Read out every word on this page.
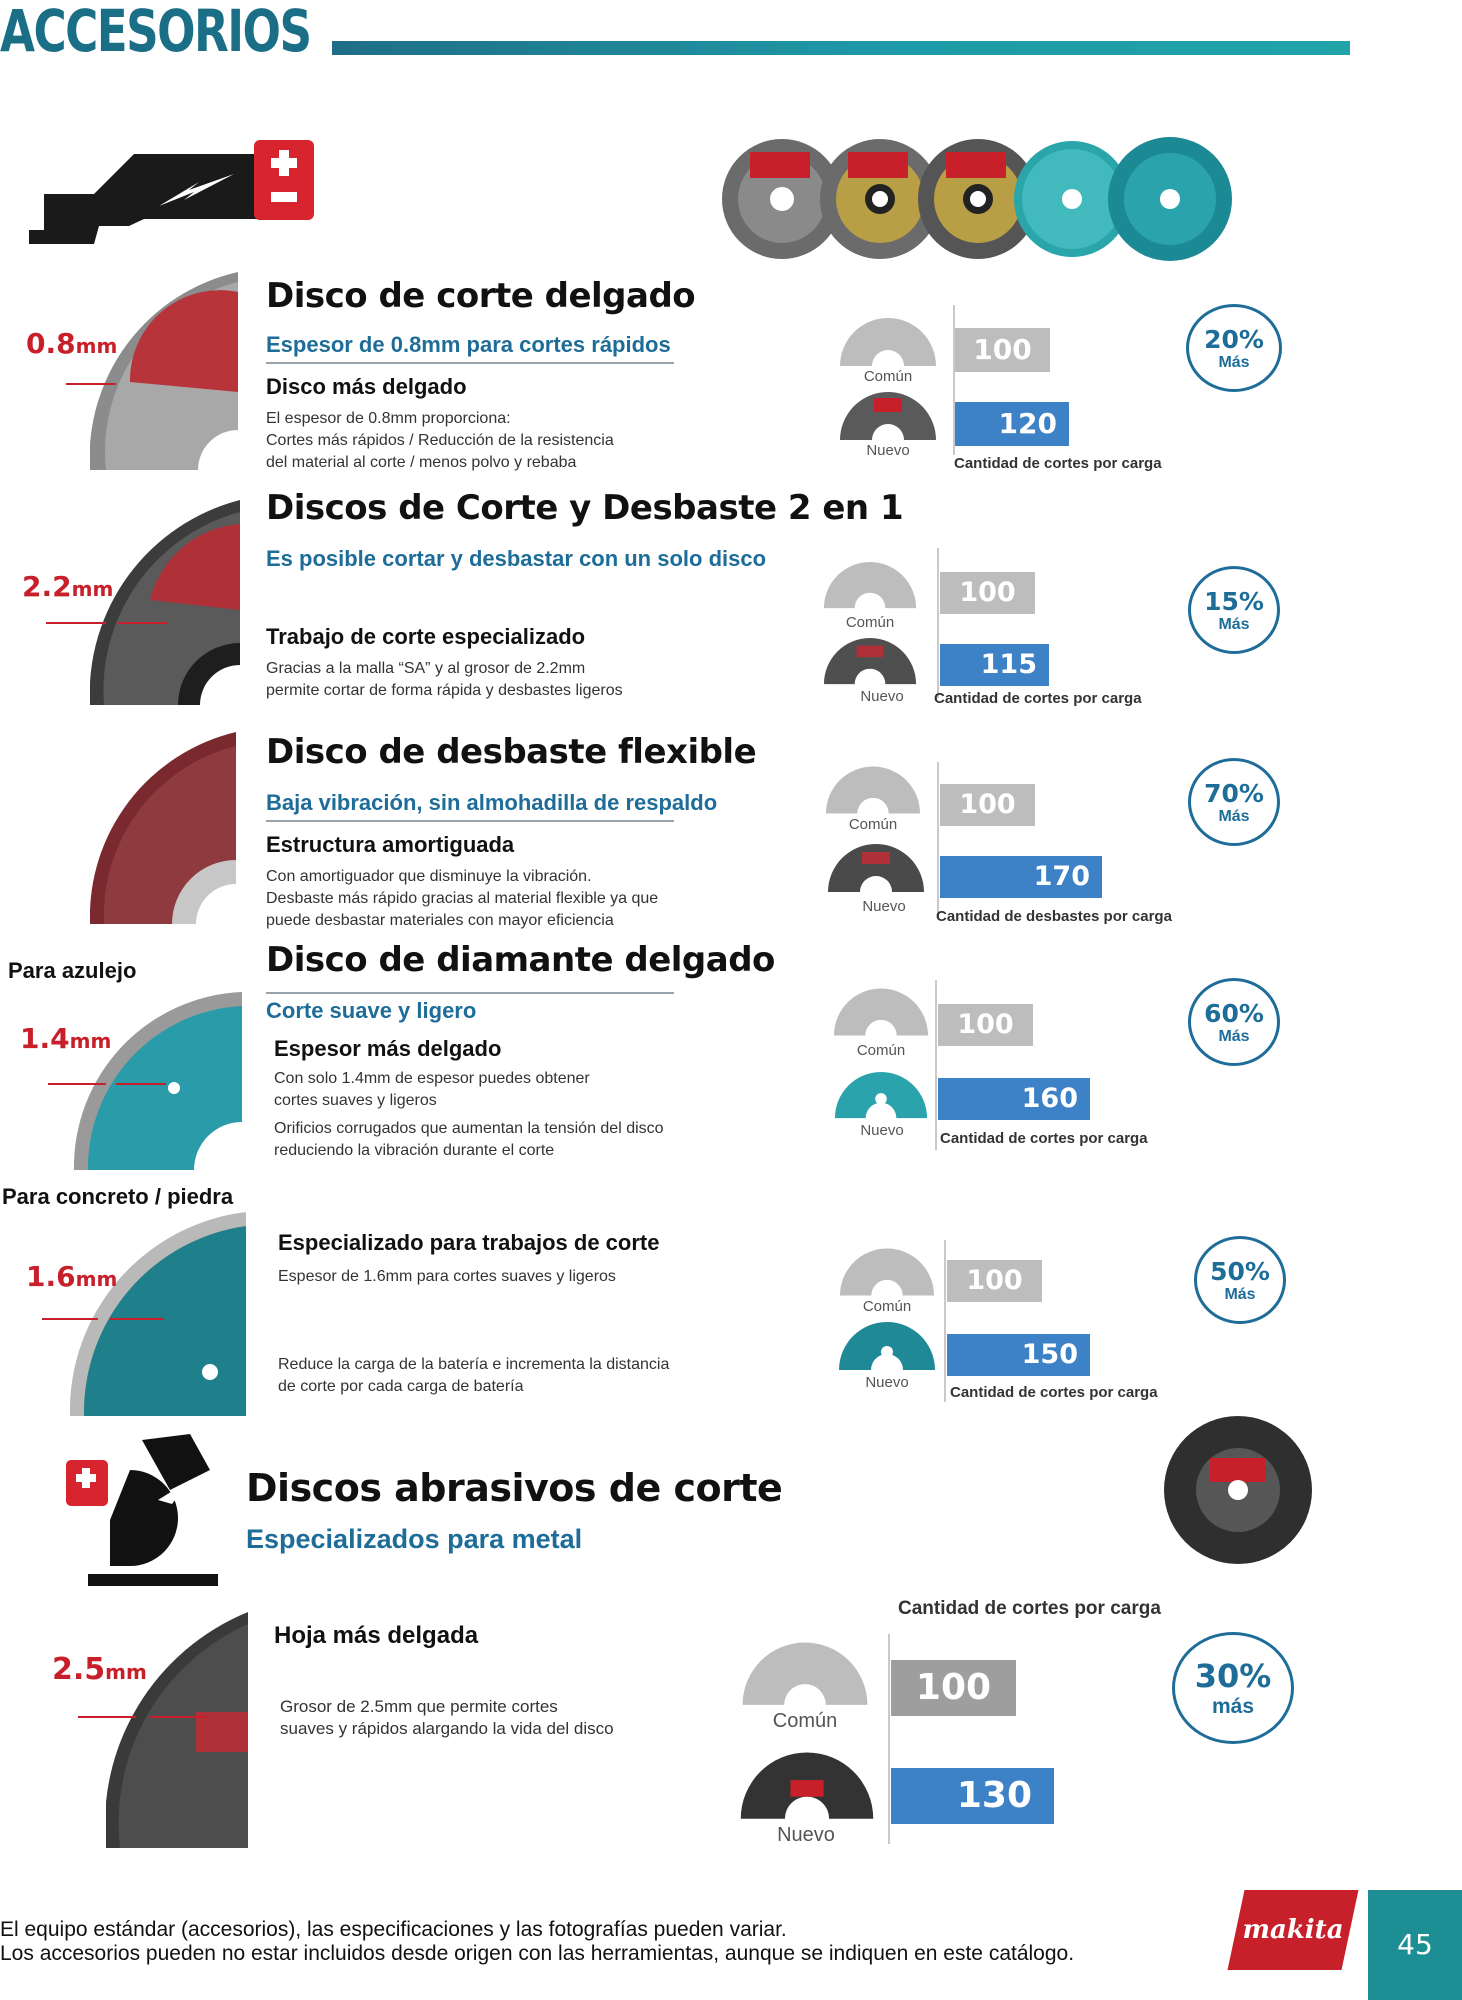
ACCESORIOS
0.8mm
Disco de corte delgado
Espesor de 0.8mm para cortes rápidos
Disco más delgado
El espesor de 0.8mm proporciona:
Cortes más rápidos / Reducción de la resistencia
del material al corte / menos polvo y rebaba
Común
Nuevo
100
120
Cantidad de cortes por carga
20%
Más
2.2mm
Discos de Corte y Desbaste 2 en 1
Es posible cortar y desbastar con un solo disco
Trabajo de corte especializado
Gracias a la malla “SA” y al grosor de 2.2mm
permite cortar de forma rápida y desbastes ligeros
Común
Nuevo
100
115
Cantidad de cortes por carga
15%
Más
Disco de desbaste flexible
Baja vibración, sin almohadilla de respaldo
Estructura amortiguada
Con amortiguador que disminuye la vibración.
Desbaste más rápido gracias al material flexible ya que
puede desbastar materiales con mayor eficiencia
Común
Nuevo
100
170
Cantidad de desbastes por carga
70%
Más
Para azulejo
1.4mm
Disco de diamante delgado
Corte suave y ligero
Espesor más delgado
Con solo 1.4mm de espesor puedes obtener
cortes suaves y ligeros
Orificios corrugados que aumentan la tensión del disco
reduciendo la vibración durante el corte
Común
Nuevo
100
160
Cantidad de cortes por carga
60%
Más
Para concreto / piedra
1.6mm
Especializado para trabajos de corte
Espesor de 1.6mm para cortes suaves y ligeros
Reduce la carga de la batería e incrementa la distancia
de corte por cada carga de batería
Común
Nuevo
100
150
Cantidad de cortes por carga
50%
Más
Discos abrasivos de corte
Especializados para metal
2.5mm
Hoja más delgada
Grosor de 2.5mm que permite cortes
suaves y rápidos alargando la vida del disco
Cantidad de cortes por carga
Común
Nuevo
100
130
30%
más
El equipo estándar (accesorios), las especificaciones y las fotografías pueden variar.
Los accesorios pueden no estar incluidos desde origen con las herramientas, aunque se indiquen en este catálogo.
makita	45
